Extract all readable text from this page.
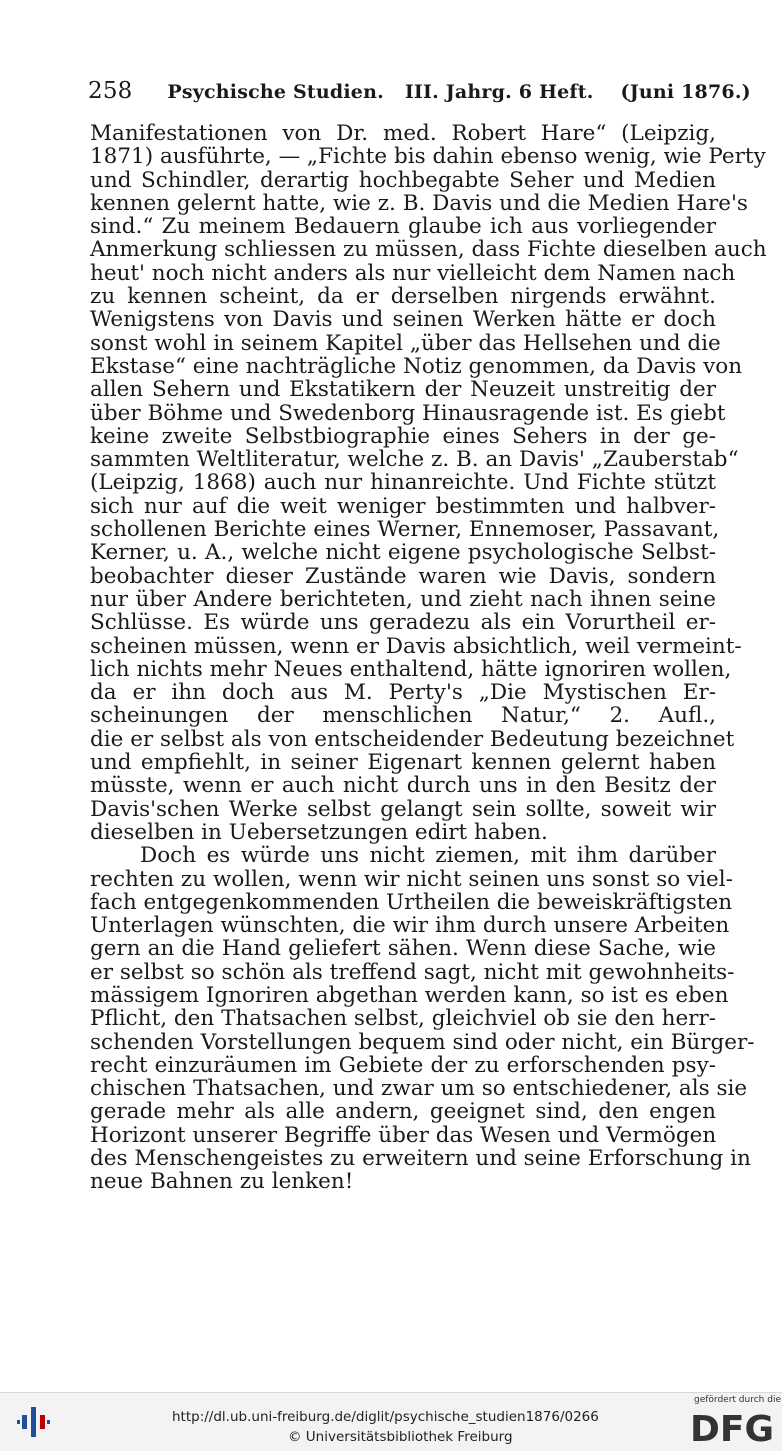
258 Psychische Studien. III. Jahrg. 6 Heft. (Juni 1876.)
Manifestationen von Dr. med. Robert Hare“ (Leipzig,
1871) ausführte, — „Fichte bis dahin ebenso wenig, wie Perty
und Schindler, derartig hochbegabte Seher und Medien
kennen gelernt hatte, wie z. B. Davis und die Medien Hare's
sind.“ Zu meinem Bedauern glaube ich aus vorliegender
Anmerkung schliessen zu müssen, dass Fichte dieselben auch
heut' noch nicht anders als nur vielleicht dem Namen nach
zu kennen scheint, da er derselben nirgends erwähnt.
Wenigstens von Davis und seinen Werken hätte er doch
sonst wohl in seinem Kapitel „über das Hellsehen und die
Ekstase“ eine nachträgliche Notiz genommen, da Davis von
allen Sehern und Ekstatikern der Neuzeit unstreitig der
über Böhme und Swedenborg Hinausragende ist. Es giebt
keine zweite Selbstbiographie eines Sehers in der ge-
sammten Weltliteratur, welche z. B. an Davis' „Zauberstab“
(Leipzig, 1868) auch nur hinanreichte. Und Fichte stützt
sich nur auf die weit weniger bestimmten und halbver-
schollenen Berichte eines Werner, Ennemoser, Passavant,
Kerner, u. A., welche nicht eigene psychologische Selbst-
beobachter dieser Zustände waren wie Davis, sondern
nur über Andere berichteten, und zieht nach ihnen seine
Schlüsse. Es würde uns geradezu als ein Vorurtheil er-
scheinen müssen, wenn er Davis absichtlich, weil vermeint-
lich nichts mehr Neues enthaltend, hätte ignoriren wollen,
da er ihn doch aus M. Perty's „Die Mystischen Er-
scheinungen der menschlichen Natur,“ 2. Aufl.,
die er selbst als von entscheidender Bedeutung bezeichnet
und empfiehlt, in seiner Eigenart kennen gelernt haben
müsste, wenn er auch nicht durch uns in den Besitz der
Davis'schen Werke selbst gelangt sein sollte, soweit wir
dieselben in Uebersetzungen edirt haben.
Doch es würde uns nicht ziemen, mit ihm darüber
rechten zu wollen, wenn wir nicht seinen uns sonst so viel-
fach entgegenkommenden Urtheilen die beweiskräftigsten
Unterlagen wünschten, die wir ihm durch unsere Arbeiten
gern an die Hand geliefert sähen. Wenn diese Sache, wie
er selbst so schön als treffend sagt, nicht mit gewohnheits-
mässigem Ignoriren abgethan werden kann, so ist es eben
Pflicht, den Thatsachen selbst, gleichviel ob sie den herr-
schenden Vorstellungen bequem sind oder nicht, ein Bürger-
recht einzuräumen im Gebiete der zu erforschenden psy-
chischen Thatsachen, und zwar um so entschiedener, als sie
gerade mehr als alle andern, geeignet sind, den engen
Horizont unserer Begriffe über das Wesen und Vermögen
des Menschengeistes zu erweitern und seine Erforschung in
neue Bahnen zu lenken!
http://dl.ub.uni-freiburg.de/diglit/psychische_studien1876/0266
© Universitätsbibliothek Freiburg
gefördert durch die
DFG
